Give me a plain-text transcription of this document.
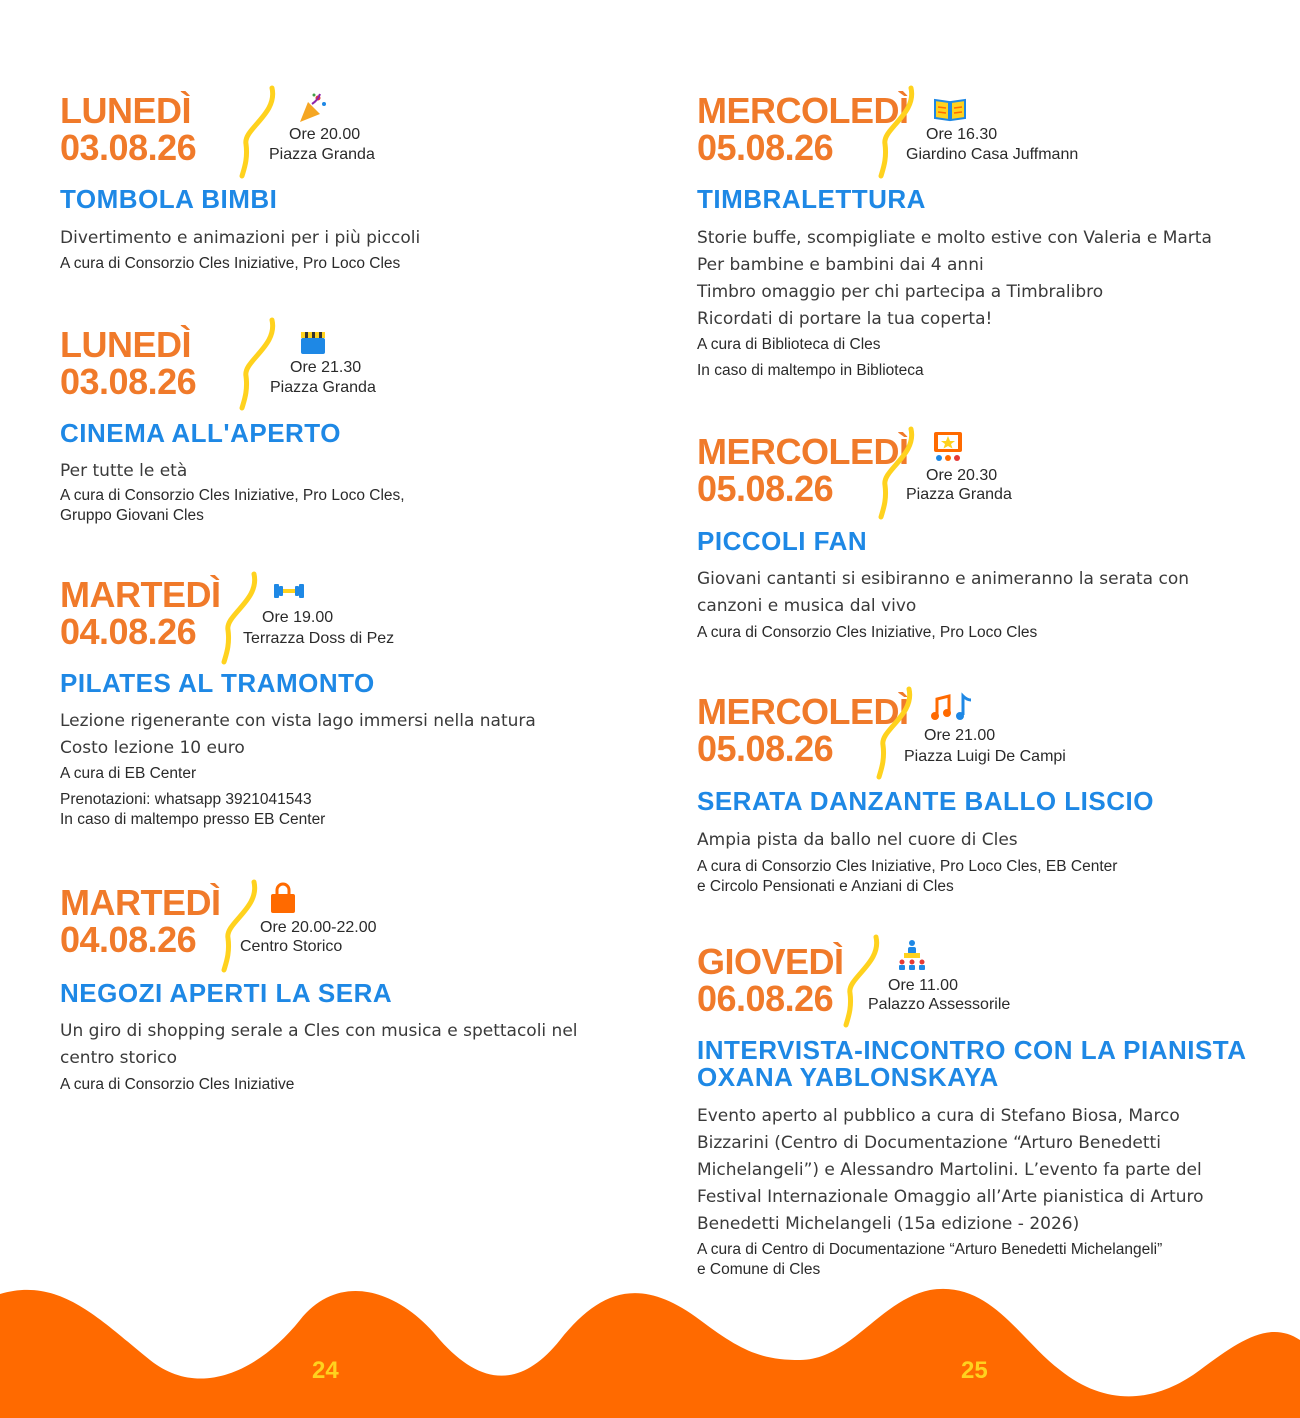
LUNEDÌ
03.08.26	Ore 20.00
Piazza Granda
TOMBOLA BIMBI

Divertimento e animazioni per i più piccoli

A cura di Consorzio Cles Iniziative, Pro Loco Cles
LUNEDÌ
03.08.26	Ore 21.30
Piazza Granda
CINEMA ALL'APERTO

Per tutte le età

A cura di Consorzio Cles Iniziative, Pro Loco Cles,
Gruppo Giovani Cles
MARTEDÌ
04.08.26	Ore 19.00
Terrazza Doss di Pez
PILATES AL TRAMONTO

Lezione rigenerante con vista lago immersi nella natura

Costo lezione 10 euro

A cura di EB Center
Prenotazioni: whatsapp 3921041543
In caso di maltempo presso EB Center
MARTEDÌ
04.08.26	Ore 20.00-22.00
Centro Storico
NEGOZI APERTI LA SERA

Un giro di shopping serale a Cles con musica e spettacoli nel

centro storico

A cura di Consorzio Cles Iniziative
MERCOLEDÌ
05.08.26	Ore 16.30
Giardino Casa Juffmann
TIMBRALETTURA

Storie buffe, scompigliate e molto estive con Valeria e Marta

Per bambine e bambini dai 4 anni

Timbro omaggio per chi partecipa a Timbralibro

Ricordati di portare la tua coperta!

A cura di Biblioteca di Cles
In caso di maltempo in Biblioteca
MERCOLEDÌ
05.08.26	Ore 20.30
Piazza Granda
PICCOLI FAN

Giovani cantanti si esibiranno e animeranno la serata con

canzoni e musica dal vivo

A cura di Consorzio Cles Iniziative, Pro Loco Cles
MERCOLEDÌ
05.08.26	Ore 21.00
Piazza Luigi De Campi
SERATA DANZANTE BALLO LISCIO

Ampia pista da ballo nel cuore di Cles

A cura di Consorzio Cles Iniziative, Pro Loco Cles, EB Center
e Circolo Pensionati e Anziani di Cles
GIOVEDÌ
06.08.26	Ore 11.00
Palazzo Assessorile
INTERVISTA-INCONTRO CON LA PIANISTA OXANA YABLONSKAYA

Evento aperto al pubblico a cura di Stefano Biosa, Marco

Bizzarini (Centro di Documentazione “Arturo Benedetti

Michelangeli”) e Alessandro Martolini. L’evento fa parte del

Festival Internazionale Omaggio all’Arte pianistica di Arturo

Benedetti Michelangeli (15a edizione - 2026)

A cura di Centro di Documentazione “Arturo Benedetti Michelangeli”
e Comune di Cles
24	25
